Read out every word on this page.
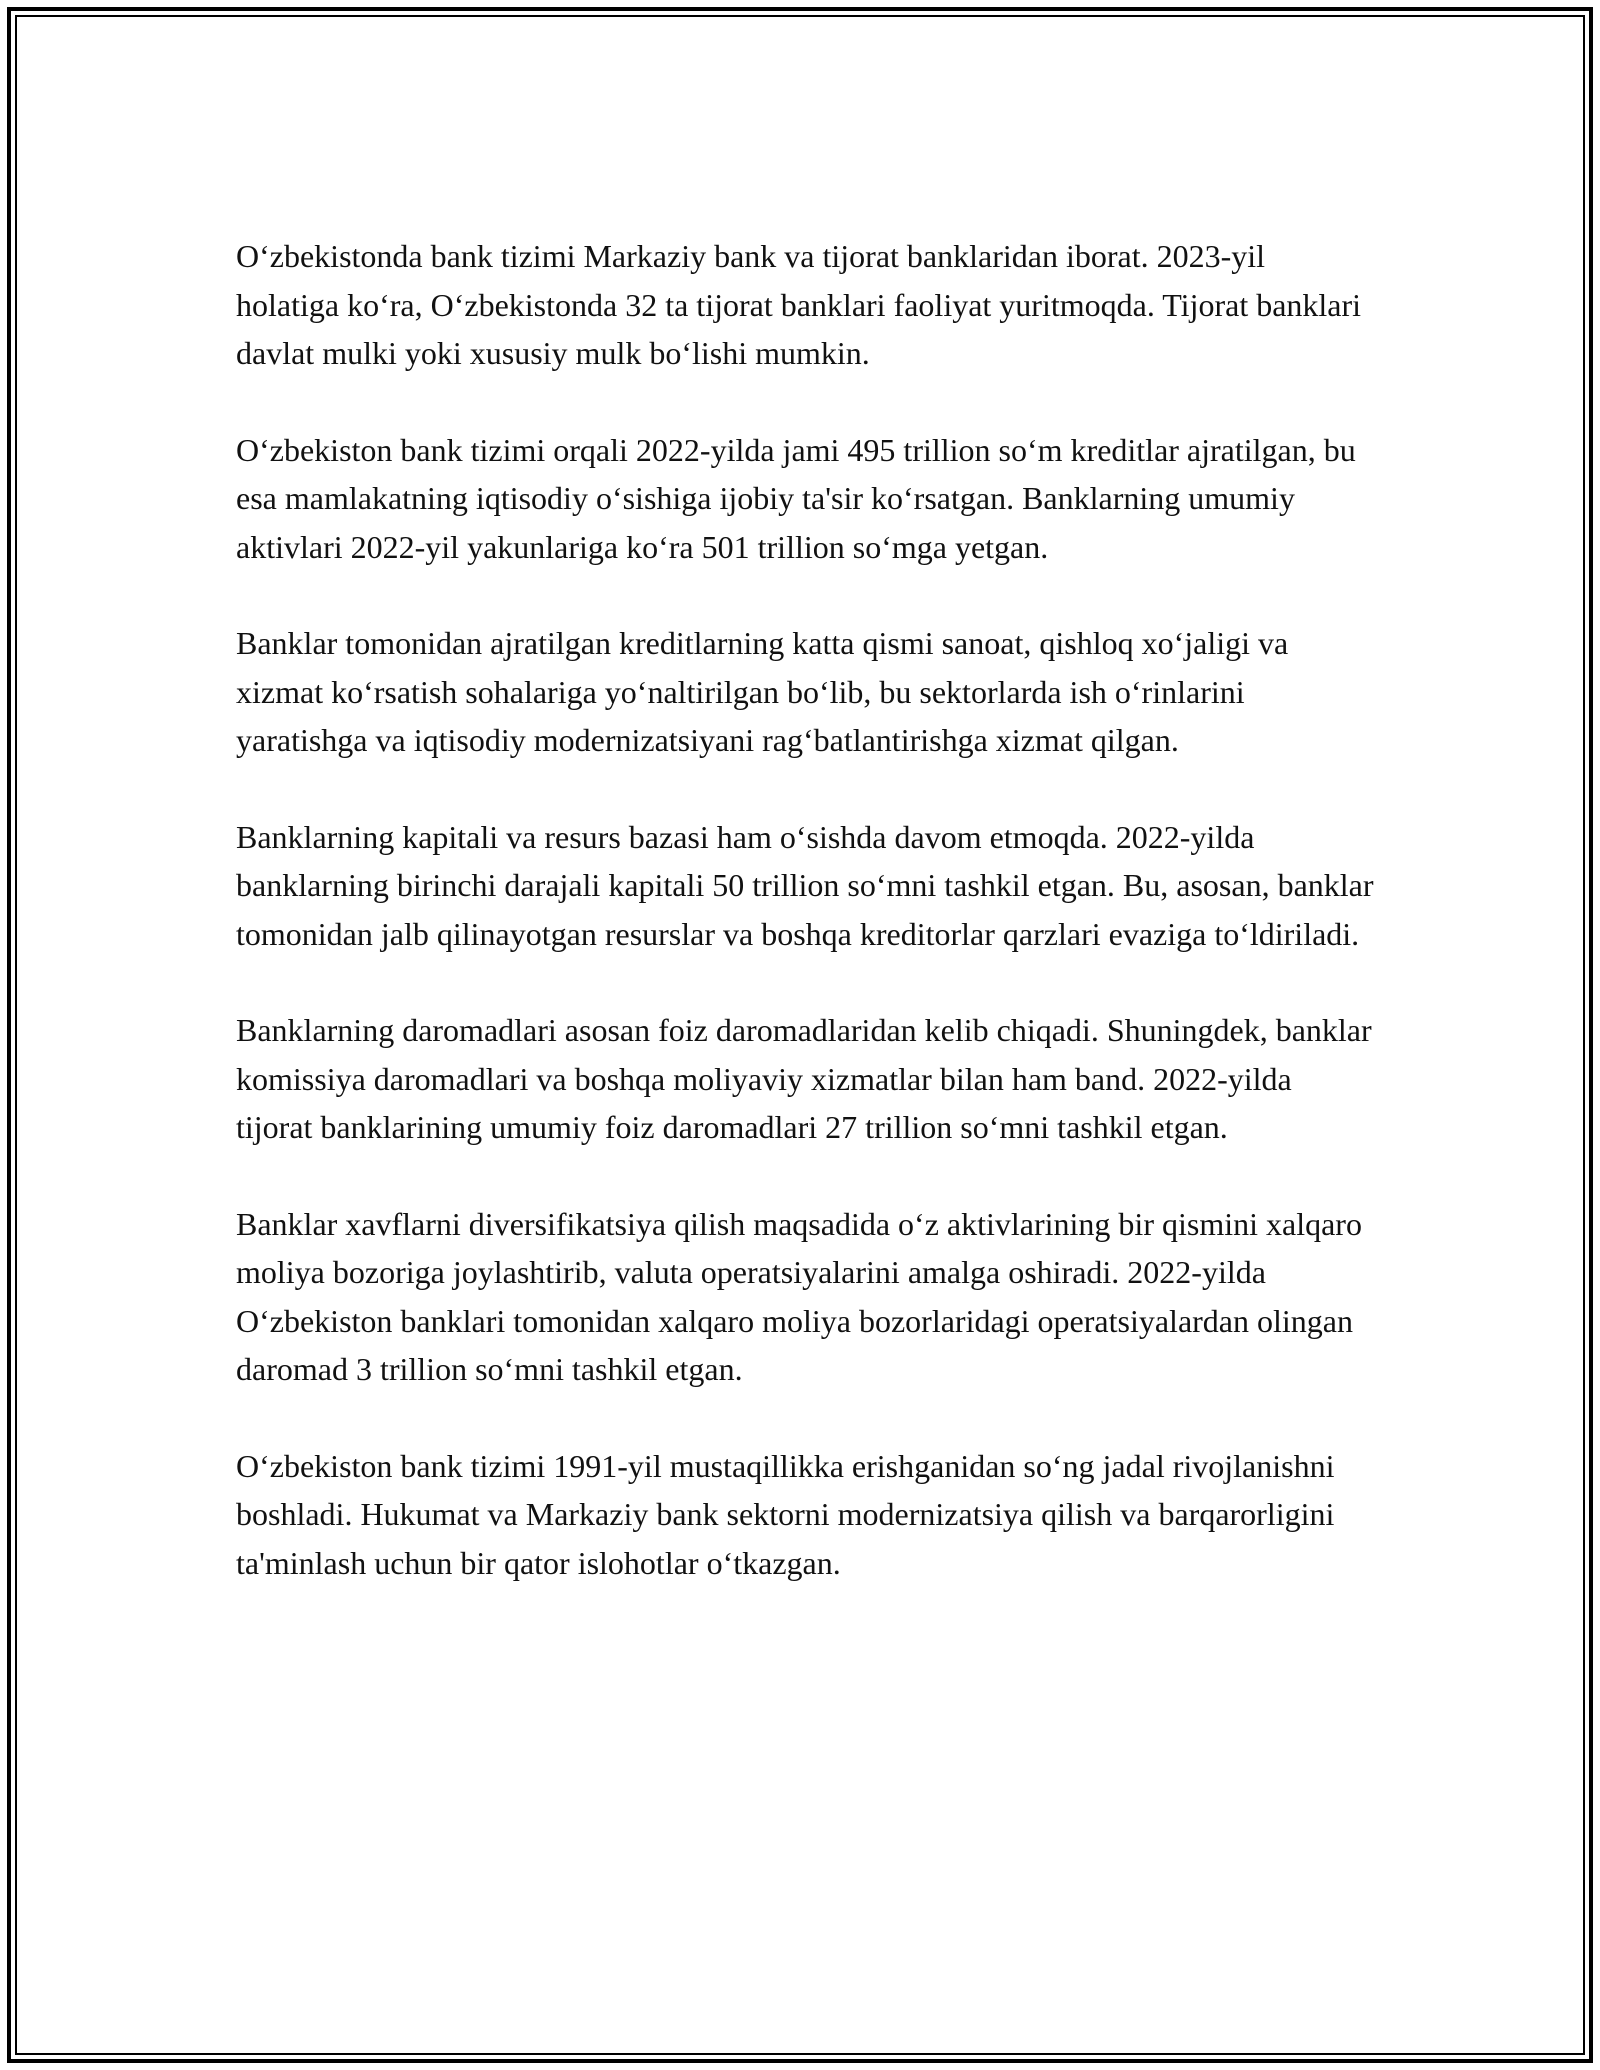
O‘zbekistonda bank tizimi Markaziy bank va tijorat banklaridan iborat. 2023-yil holatiga ko‘ra, O‘zbekistonda 32 ta tijorat banklari faoliyat yuritmoqda. Tijorat banklari davlat mulki yoki xususiy mulk bo‘lishi mumkin.

O‘zbekiston bank tizimi orqali 2022-yilda jami 495 trillion so‘m kreditlar ajratilgan, bu esa mamlakatning iqtisodiy o‘sishiga ijobiy ta'sir ko‘rsatgan. Banklarning umumiy aktivlari 2022-yil yakunlariga ko‘ra 501 trillion so‘mga yetgan.

Banklar tomonidan ajratilgan kreditlarning katta qismi sanoat, qishloq xo‘jaligi va xizmat ko‘rsatish sohalariga yo‘naltirilgan bo‘lib, bu sektorlarda ish o‘rinlarini yaratishga va iqtisodiy modernizatsiyani rag‘batlantirishga xizmat qilgan.

Banklarning kapitali va resurs bazasi ham o‘sishda davom etmoqda. 2022-yilda banklarning birinchi darajali kapitali 50 trillion so‘mni tashkil etgan. Bu, asosan, banklar tomonidan jalb qilinayotgan resurslar va boshqa kreditorlar qarzlari evaziga to‘ldiriladi.

Banklarning daromadlari asosan foiz daromadlaridan kelib chiqadi. Shuningdek, banklar komissiya daromadlari va boshqa moliyaviy xizmatlar bilan ham band. 2022-yilda tijorat banklarining umumiy foiz daromadlari 27 trillion so‘mni tashkil etgan.

Banklar xavflarni diversifikatsiya qilish maqsadida o‘z aktivlarining bir qismini xalqaro moliya bozoriga joylashtirib, valuta operatsiyalarini amalga oshiradi. 2022-yilda O‘zbekiston banklari tomonidan xalqaro moliya bozorlaridagi operatsiyalardan olingan daromad 3 trillion so‘mni tashkil etgan.

O‘zbekiston bank tizimi 1991-yil mustaqillikka erishganidan so‘ng jadal rivojlanishni boshladi. Hukumat va Markaziy bank sektorni modernizatsiya qilish va barqarorligini ta'minlash uchun bir qator islohotlar o‘tkazgan.
